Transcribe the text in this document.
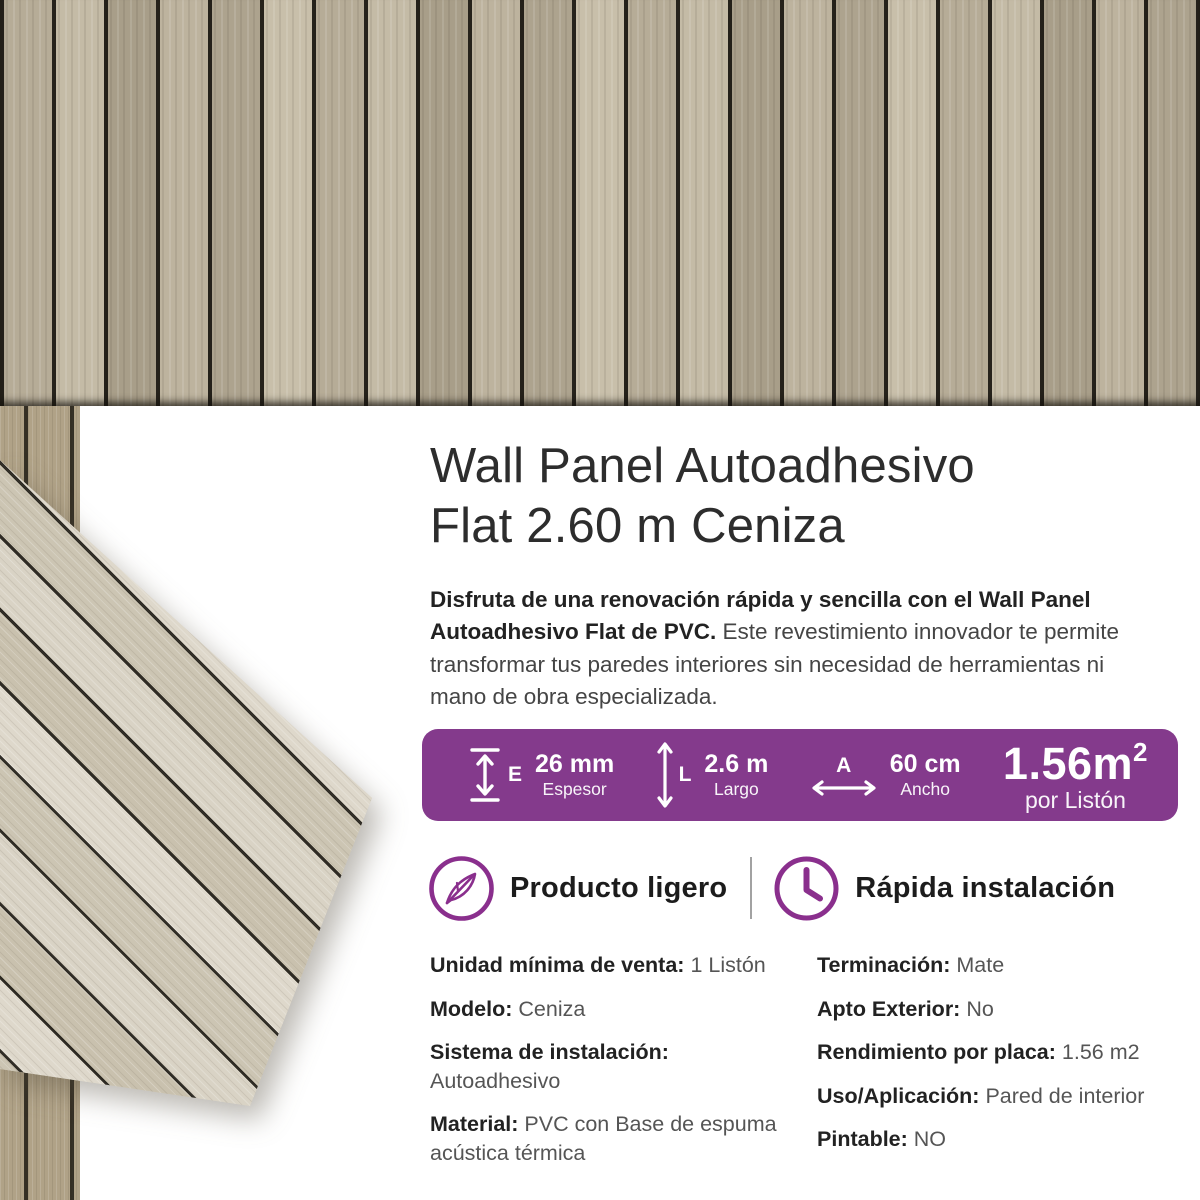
Wall Panel Autoadhesivo
Flat 2.60 m Ceniza
Disfruta de una renovación rápida y sencilla con el Wall Panel Autoadhesivo Flat de PVC. Este revestimiento innovador te permite transformar tus paredes interiores sin necesidad de herramientas ni mano de obra especializada.
E 26 mm
Espesor
L 2.6 m
Largo
A 60 cm
Ancho
$1.56m^2$
por Listón
Producto ligero	Rápida instalación
Unidad mínima de venta: 1 Listón
Modelo: Ceniza
Sistema de instalación: Autoadhesivo
Material: PVC con Base de espuma acústica térmica
Terminación: Mate
Apto Exterior: No
Rendimiento por placa: 1.56 m2
Uso/Aplicación: Pared de interior
Pintable: NO
